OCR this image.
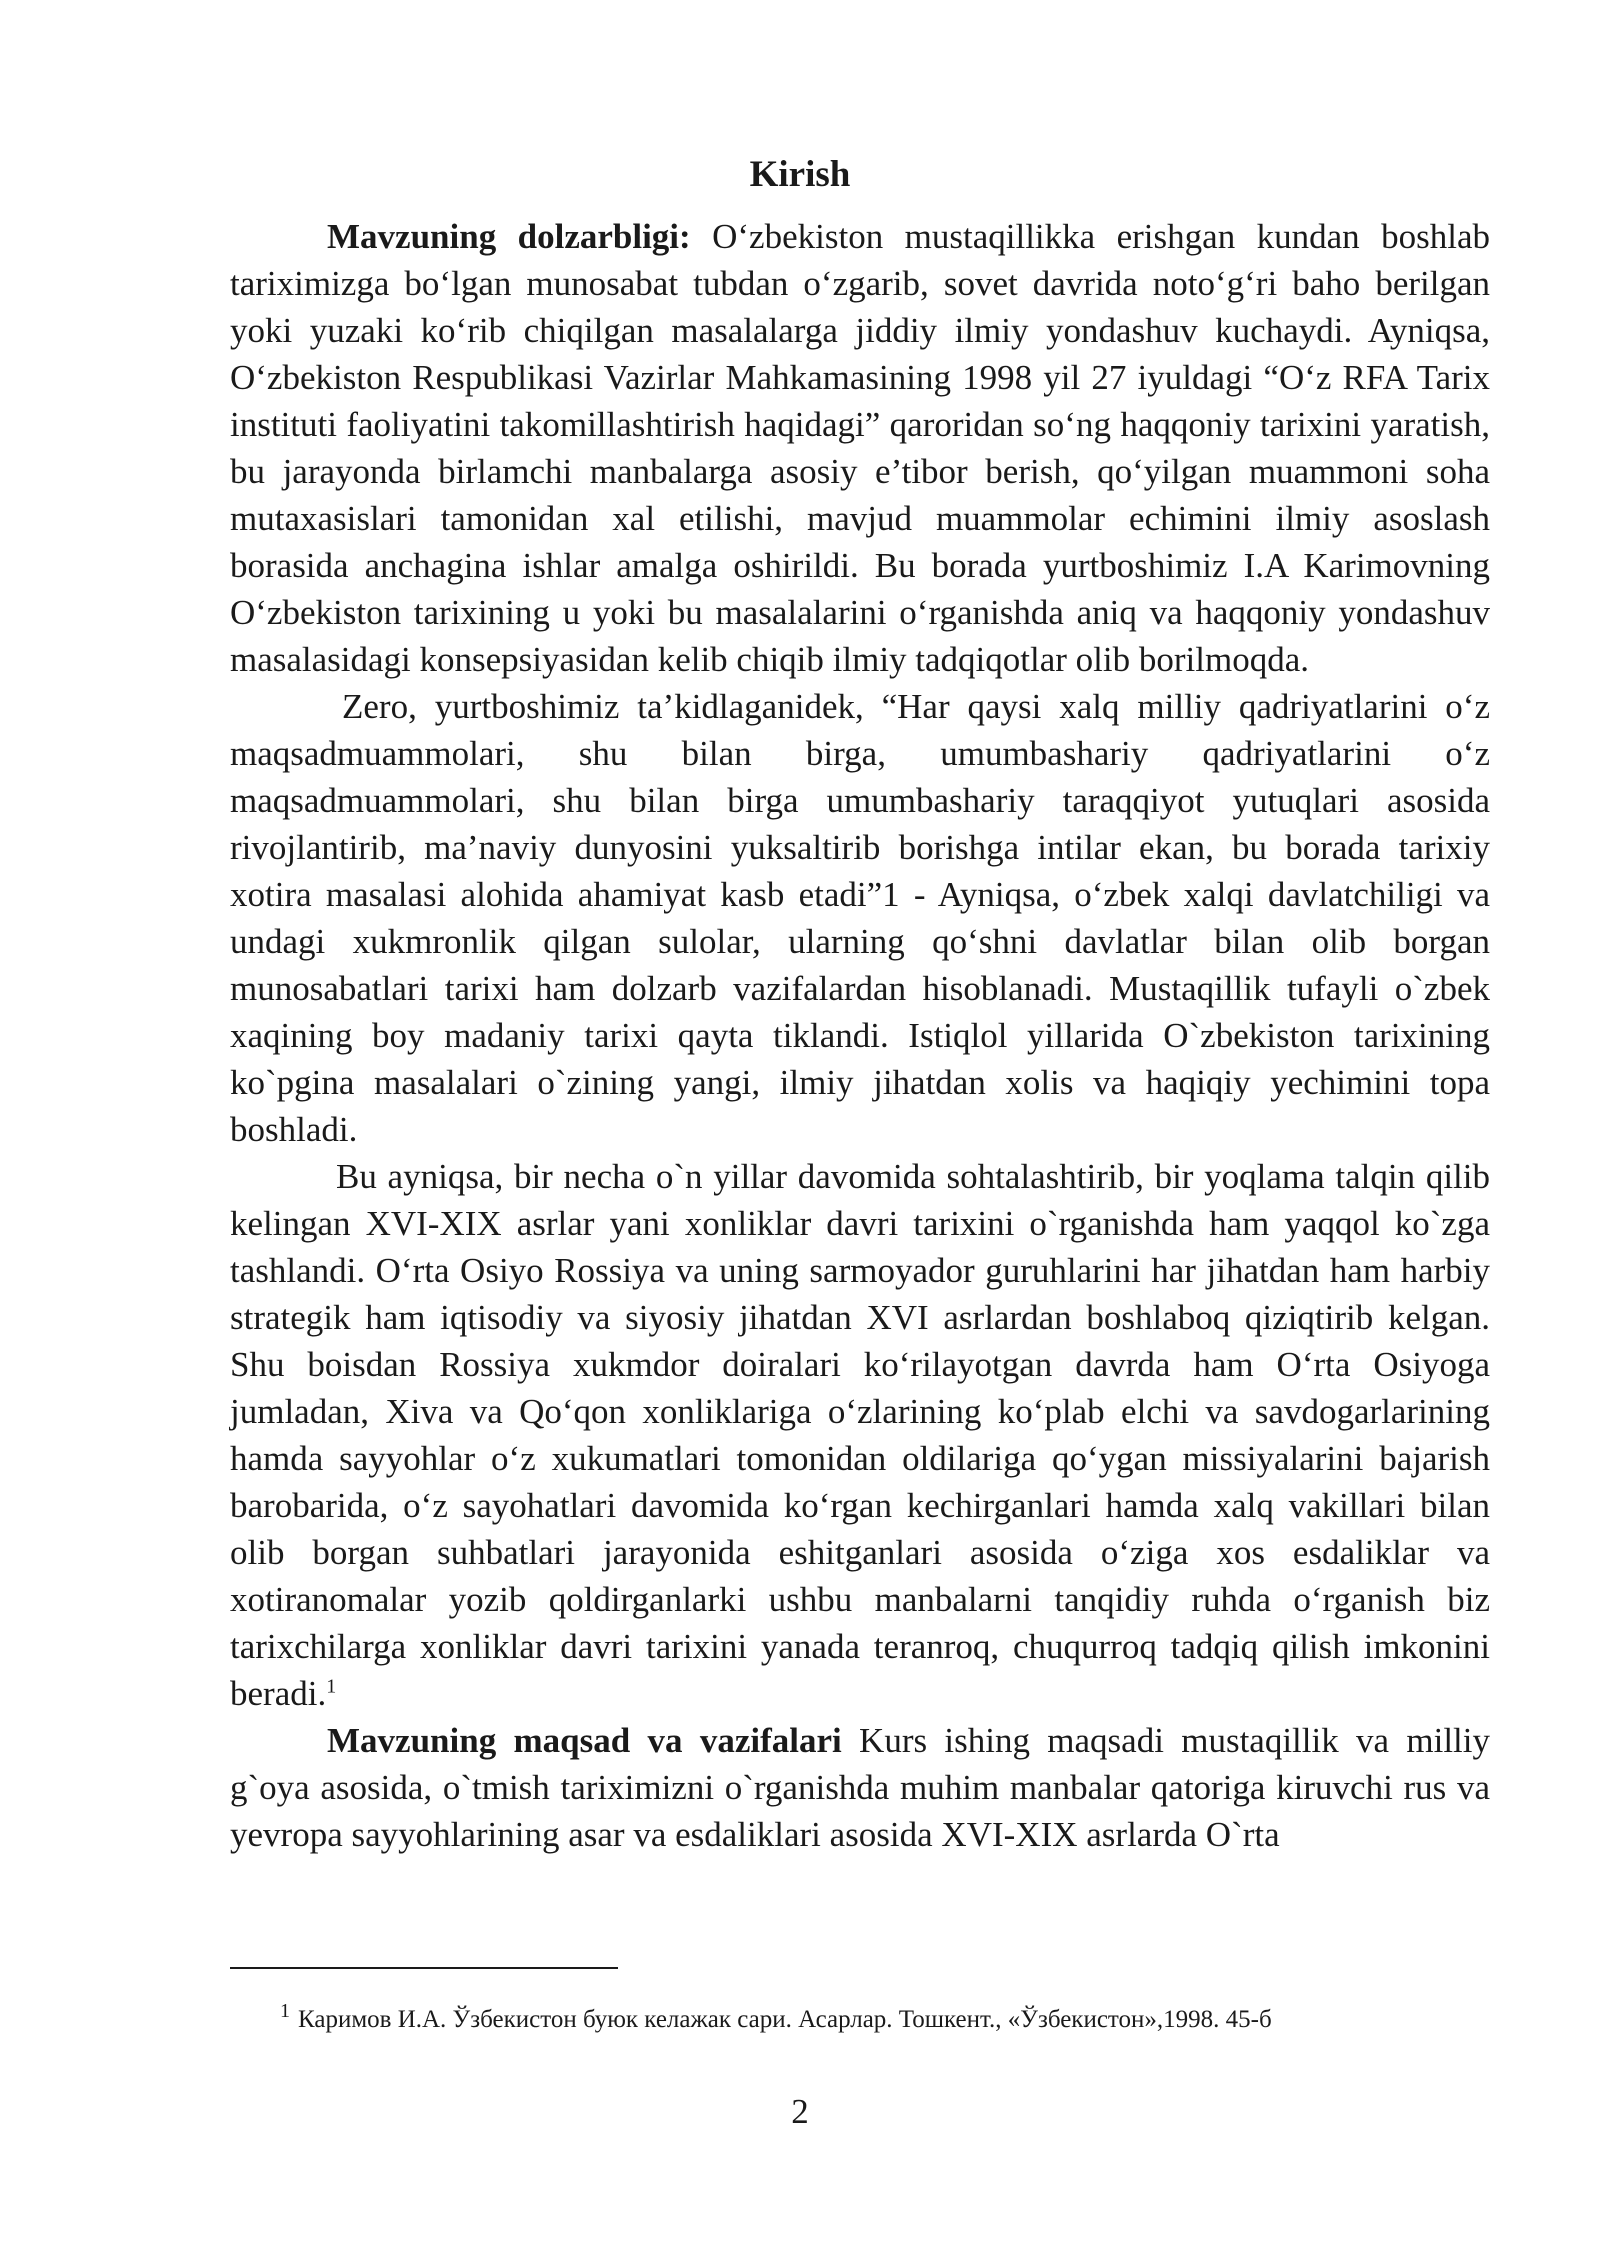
Kirish

Mavzuning dolzarbligi: O‘zbekiston mustaqillikka erishgan kundan boshlab tariximizga bo‘lgan munosabat tubdan o‘zgarib, sovet davrida noto‘g‘ri baho berilgan yoki yuzaki ko‘rib chiqilgan masalalarga jiddiy ilmiy yondashuv kuchaydi. Ayniqsa, O‘zbekiston Respublikasi Vazirlar Mahkamasining 1998 yil 27 iyuldagi “O‘z RFA Tarix instituti faoliyatini takomillashtirish haqidagi” qaroridan so‘ng haqqoniy tarixini yaratish, bu jarayonda birlamchi manbalarga asosiy e’tibor berish, qo‘yilgan muammoni soha mutaxasislari tamonidan xal etilishi, mavjud muammolar echimini ilmiy asoslash borasida anchagina ishlar amalga oshirildi. Bu borada yurtboshimiz I.A Karimovning O‘zbekiston tarixining u yoki bu masalalarini o‘rganishda aniq va haqqoniy yondashuv masalasidagi konsepsiyasidan kelib chiqib ilmiy tadqiqotlar olib borilmoqda.

Zero, yurtboshimiz ta’kidlaganidek, “Har qaysi xalq milliy qadriyatlarini o‘z maqsadmuammolari, shu bilan birga, umumbashariy qadriyatlarini o‘z maqsadmuammolari, shu bilan birga umumbashariy taraqqiyot yutuqlari asosida rivojlantirib, ma’naviy dunyosini yuksaltirib borishga intilar ekan, bu borada tarixiy xotira masalasi alohida ahamiyat kasb etadi”1 - Ayniqsa, o‘zbek xalqi davlatchiligi va undagi xukmronlik qilgan sulolar, ularning qo‘shni davlatlar bilan olib borgan munosabatlari tarixi ham dolzarb vazifalardan hisoblanadi. Mustaqillik tufayli o`zbek xaqining boy madaniy tarixi qayta tiklandi. Istiqlol yillarida O`zbekiston tarixining ko`pgina masalalari o`zining yangi, ilmiy jihatdan xolis va haqiqiy yechimini topa boshladi.

Bu ayniqsa, bir necha o`n yillar davomida sohtalashtirib, bir yoqlama talqin qilib kelingan XVI-XIX asrlar yani xonliklar davri tarixini o`rganishda ham yaqqol ko`zga tashlandi. O‘rta Osiyo Rossiya va uning sarmoyador guruhlarini har jihatdan ham harbiy strategik ham iqtisodiy va siyosiy jihatdan XVI asrlardan boshlaboq qiziqtirib kelgan. Shu boisdan Rossiya xukmdor doiralari ko‘rilayotgan davrda ham O‘rta Osiyoga jumladan, Xiva va Qo‘qon xonliklariga o‘zlarining ko‘plab elchi va savdogarlarining hamda sayyohlar o‘z xukumatlari tomonidan oldilariga qo‘ygan missiyalarini bajarish barobarida, o‘z sayohatlari davomida ko‘rgan kechirganlari hamda xalq vakillari bilan olib borgan suhbatlari jarayonida eshitganlari asosida o‘ziga xos esdaliklar va xotiranomalar yozib qoldirganlarki ushbu manbalarni tanqidiy ruhda o‘rganish biz tarixchilarga xonliklar davri tarixini yanada teranroq, chuqurroq tadqiq qilish imkonini beradi.$^1$

Mavzuning maqsad va vazifalari Kurs ishing maqsadi mustaqillik va milliy g`oya asosida, o`tmish tariximizni o`rganishda muhim manbalar qatoriga kiruvchi rus va yevropa sayyohlarining asar va esdaliklari asosida XVI-XIX asrlarda O`rta

$^1$ Каримов И.А. Ўзбекистон буюк келажак сари. Асарлар. Тошкент., «Ўзбекистон»,1998. 45-б
2
